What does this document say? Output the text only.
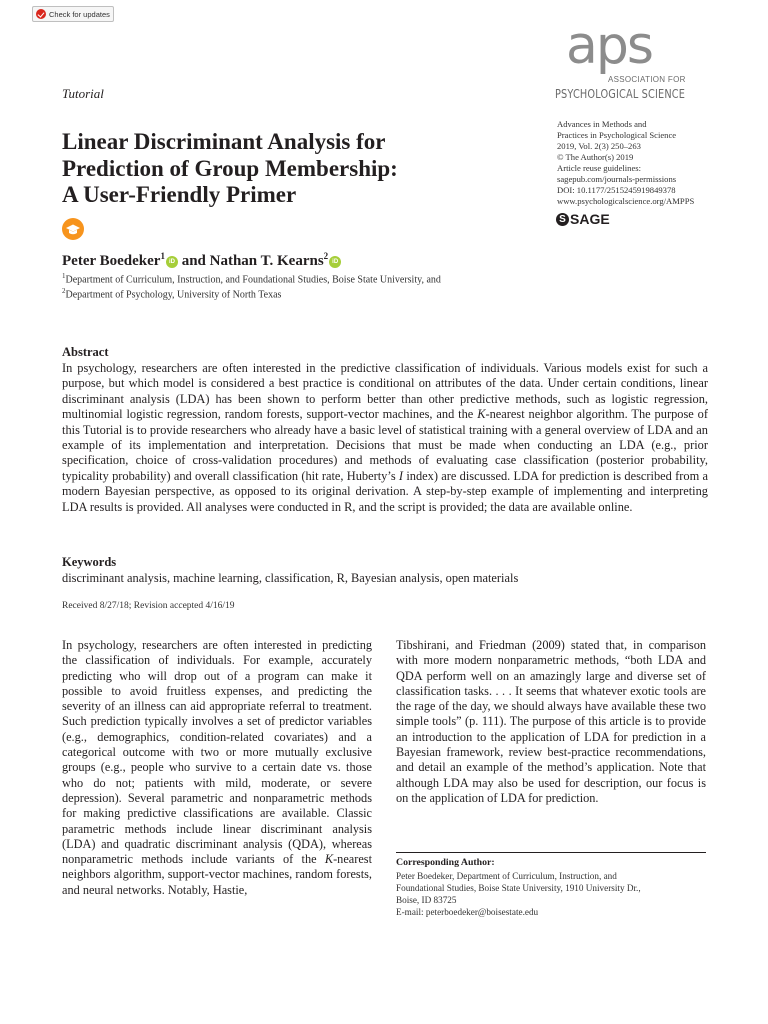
Check for updates
Tutorial
Linear Discriminant Analysis for
Prediction of Group Membership:
A User-Friendly Primer
Peter Boedeker$^1$iD and Nathan T. Kearns$^2$iD
$^1$Department of Curriculum, Instruction, and Foundational Studies, Boise State University, and
$^2$Department of Psychology, University of North Texas
aps
ASSOCIATION FOR
PSYCHOLOGICAL SCIENCE
Advances in Methods and
Practices in Psychological Science
2019, Vol. 2(3) 250–263
© The Author(s) 2019
Article reuse guidelines:
sagepub.com/journals-permissions
DOI: 10.1177/2515245919849378
www.psychologicalscience.org/AMPPS
S SAGE
Abstract
In psychology, researchers are often interested in the predictive classification of individuals. Various models exist for such a purpose, but which model is considered a best practice is conditional on attributes of the data. Under certain conditions, linear discriminant analysis (LDA) has been shown to perform better than other predictive methods, such as logistic regression, multinomial logistic regression, random forests, support-vector machines, and the K-nearest neighbor algorithm. The purpose of this Tutorial is to provide researchers who already have a basic level of statistical training with a general overview of LDA and an example of its implementation and interpretation. Decisions that must be made when conducting an LDA (e.g., prior specification, choice of cross-validation procedures) and methods of evaluating case classification (posterior probability, typicality probability) and overall classification (hit rate, Huberty’s I index) are discussed. LDA for prediction is described from a modern Bayesian perspective, as opposed to its original derivation. A step-by-step example of implementing and interpreting LDA results is provided. All analyses were conducted in R, and the script is provided; the data are available online.
Keywords
discriminant analysis, machine learning, classification, R, Bayesian analysis, open materials
Received 8/27/18; Revision accepted 4/16/19
In psychology, researchers are often interested in predicting the classification of individuals. For example, accurately predicting who will drop out of a program can make it possible to avoid fruitless expenses, and predicting the severity of an illness can aid appropriate referral to treatment. Such prediction typically involves a set of predictor variables (e.g., demographics, condition-related covariates) and a categorical outcome with two or more mutually exclusive groups (e.g., people who survive to a certain date vs. those who do not; patients with mild, moderate, or severe depression). Several parametric and nonparametric methods for making predictive classifications are available. Classic parametric methods include linear discriminant analysis (LDA) and quadratic discriminant analysis (QDA), whereas nonparametric methods include variants of the K-nearest neighbors algorithm, support-vector machines, random forests, and neural networks. Notably, Hastie,
Tibshirani, and Friedman (2009) stated that, in comparison with more modern nonparametric methods, “both LDA and QDA perform well on an amazingly large and diverse set of classification tasks. . . . It seems that whatever exotic tools are the rage of the day, we should always have available these two simple tools” (p. 111). The purpose of this article is to provide an introduction to the application of LDA for prediction in a Bayesian framework, review best-practice recommendations, and detail an example of the method’s application. Note that although LDA may also be used for description, our focus is on the application of LDA for prediction.
Corresponding Author:
Peter Boedeker, Department of Curriculum, Instruction, and
Foundational Studies, Boise State University, 1910 University Dr.,
Boise, ID 83725
E-mail: peterboedeker@boisestate.edu
